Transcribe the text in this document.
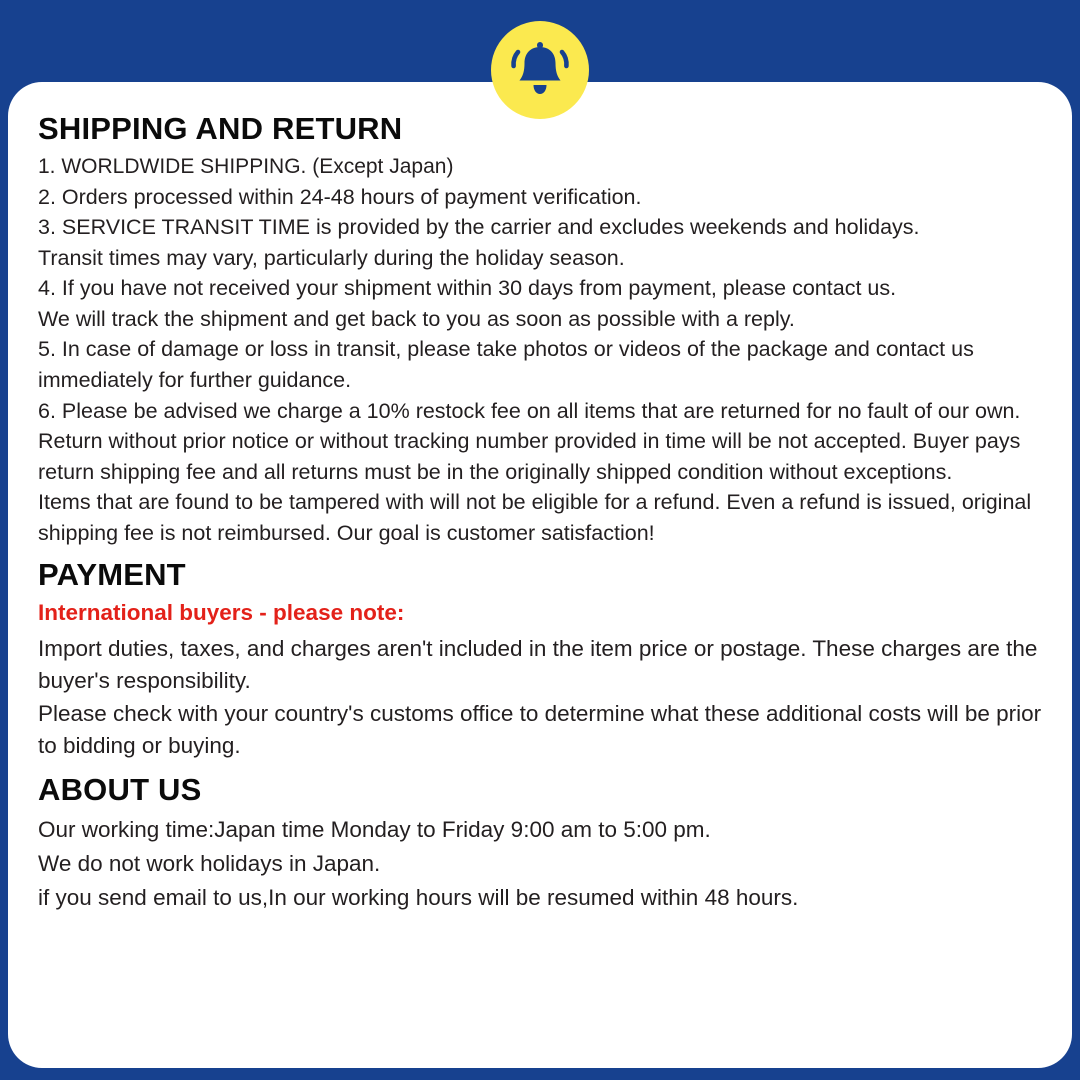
SHIPPING AND RETURN

1. WORLDWIDE SHIPPING. (Except Japan)

2. Orders processed within 24-48 hours of payment verification.

3. SERVICE TRANSIT TIME is provided by the carrier and excludes weekends and holidays.

Transit times may vary, particularly during the holiday season.

4. If you have not received your shipment within 30 days from payment, please contact us.

We will track the shipment and get back to you as soon as possible with a reply.

5. In case of damage or loss in transit, please take photos or videos of the package and contact us immediately for further guidance.

6. Please be advised we charge a 10% restock fee on all items that are returned for no fault of our own. Return without prior notice or without tracking number provided in time will be not accepted. Buyer pays return shipping fee and all returns must be in the originally shipped condition without exceptions.

Items that are found to be tampered with will not be eligible for a refund. Even a refund is issued, original shipping fee is not reimbursed. Our goal is customer satisfaction!

PAYMENT

International buyers - please note:

Import duties, taxes, and charges aren't included in the item price or postage. These charges are the buyer's responsibility.

Please check with your country's customs office to determine what these additional costs will be prior to bidding or buying.

ABOUT US

Our working time:Japan time Monday to Friday 9:00 am to 5:00 pm.

We do not work holidays in Japan.

if you send email to us,In our working hours will be resumed within 48 hours.
